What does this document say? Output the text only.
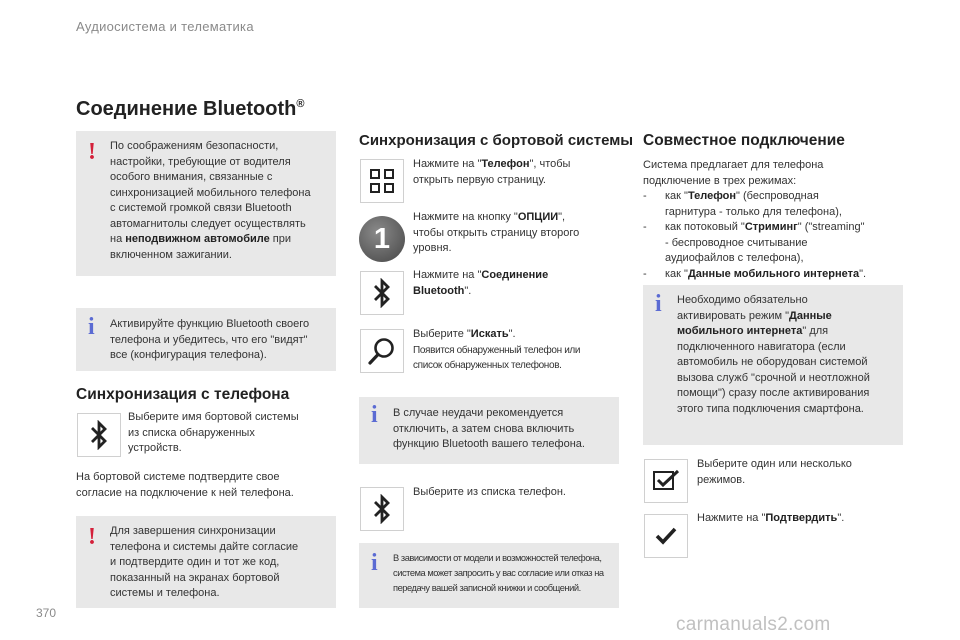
Аудиосистема и телематика
370
carmanuals2.com
Соединение Bluetooth®
! По соображениям безопасности,
настройки, требующие от водителя
особого внимания, связанные с
синхронизацией мобильного телефона
с системой громкой связи Bluetooth
автомагнитолы следует осуществлять
на неподвижном автомобиле при
включенном зажигании.
i Активируйте функцию Bluetooth своего
телефона и убедитесь, что его "видят"
все (конфигурация телефона).
Синхронизация с телефона
Выберите имя бортовой системы
из списка обнаруженных
устройств.
На бортовой системе подтвердите свое
согласие на подключение к ней телефона.
! Для завершения синхронизации
телефона и системы дайте согласие
и подтвердите один и тот же код,
показанный на экранах бортовой
системы и телефона.
Синхронизация с бортовой системы
Нажмите на "Телефон", чтобы
открыть первую страницу.
1
Нажмите на кнопку "ОПЦИИ",
чтобы открыть страницу второго
уровня.
Нажмите на "Соединение
Bluetooth".
Выберите "Искать".
Появится обнаруженный телефон или
список обнаруженных телефонов.
i В случае неудачи рекомендуется
отключить, а затем снова включить
функцию Bluetooth вашего телефона.
Выберите из списка телефон.
i В зависимости от модели и возможностей телефона,
система может запросить у вас согласие или отказ на
передачу вашей записной книжки и сообщений.
Совместное подключение
Система предлагает для телефона
подключение в трех режимах:
- как "Телефон" (беспроводная
гарнитура - только для телефона),
- как потоковый "Стриминг" ("streaming"
- беспроводное считывание
аудиофайлов с телефона),
- как "Данные мобильного интернета".
i Необходимо обязательно
активировать режим "Данные
мобильного интернета" для
подключенного навигатора (если
автомобиль не оборудован системой
вызова служб "срочной и неотложной
помощи") сразу после активирования
этого типа подключения смартфона.
Выберите один или несколько
режимов.
Нажмите на "Подтвердить".
